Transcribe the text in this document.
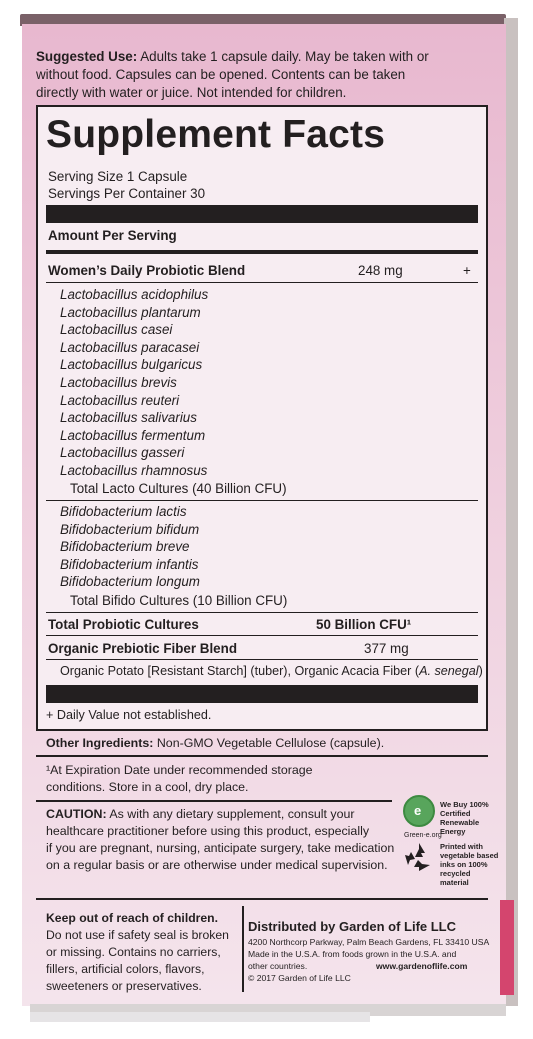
Suggested Use: Adults take 1 capsule daily. May be taken with or
without food. Capsules can be opened. Contents can be taken
directly with water or juice. Not intended for children.
Supplement Facts
Serving Size 1 Capsule
Servings Per Container 30
Amount Per Serving
Women’s Daily Probiotic Blend	248 mg	+
Lactobacillus acidophilus
Lactobacillus plantarum
Lactobacillus casei
Lactobacillus paracasei
Lactobacillus bulgaricus
Lactobacillus brevis
Lactobacillus reuteri
Lactobacillus salivarius
Lactobacillus fermentum
Lactobacillus gasseri
Lactobacillus rhamnosus
Total Lacto Cultures (40 Billion CFU)
Bifidobacterium lactis
Bifidobacterium bifidum
Bifidobacterium breve
Bifidobacterium infantis
Bifidobacterium longum
Total Bifido Cultures (10 Billion CFU)
Total Probiotic Cultures	50 Billion CFU¹
Organic Prebiotic Fiber Blend	377 mg
Organic Potato [Resistant Starch] (tuber), Organic Acacia Fiber (A. senegal)
+ Daily Value not established.
Other Ingredients: Non-GMO Vegetable Cellulose (capsule).
¹At Expiration Date under recommended storage
conditions. Store in a cool, dry place.
CAUTION: As with any dietary supplement, consult your
healthcare practitioner before using this product, especially
if you are pregnant, nursing, anticipate surgery, take medication
on a regular basis or are otherwise under medical supervision.
e
Green-e.org
We Buy 100% Certified Renewable Energy
Printed with vegetable based inks on 100% recycled material
Keep out of reach of children.
Do not use if safety seal is broken
or missing. Contains no carriers,
fillers, artificial colors, flavors,
sweeteners or preservatives.
Distributed by Garden of Life LLC
4200 Northcorp Parkway, Palm Beach Gardens, FL 33410 USA
Made in the U.S.A. from foods grown in the U.S.A. and
other countries.	www.gardenoflife.com
© 2017 Garden of Life LLC
